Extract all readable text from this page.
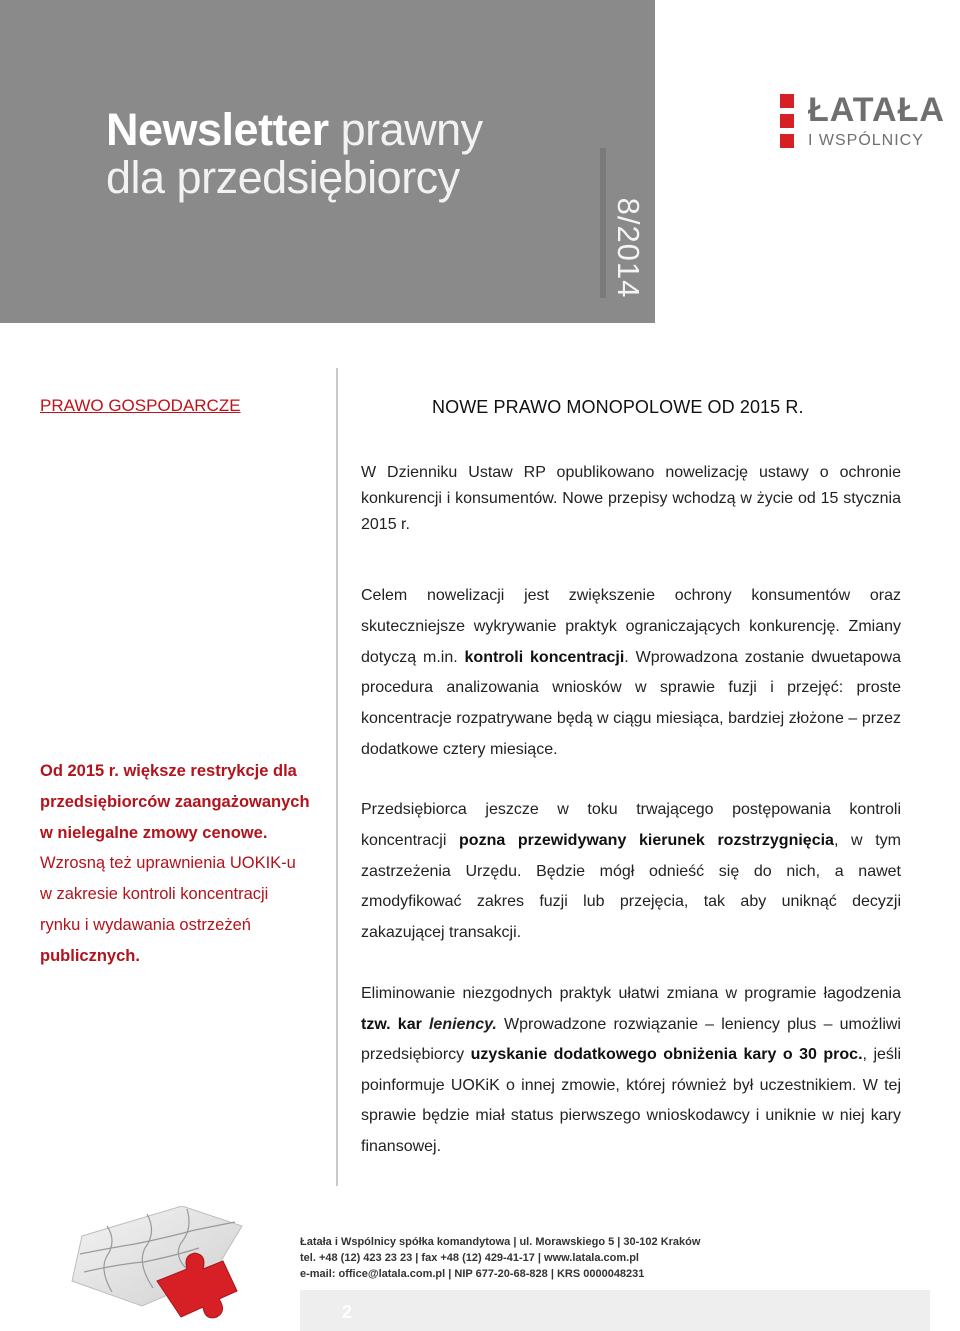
Newsletter prawny
dla przedsiębiorcy
8/2014
ŁATAŁA
I WSPÓLNICY
PRAWO GOSPODARCZE
Od 2015 r. większe restrykcje dla przedsiębiorców zaangażowanych w nielegalne zmowy cenowe. Wzrosną też uprawnienia UOKIK-u w zakresie kontroli koncentracji rynku i wydawania ostrzeżeń publicznych.
NOWE PRAWO MONOPOLOWE OD 2015 R.

W Dzienniku Ustaw RP opublikowano nowelizację ustawy o ochronie konkurencji i konsumentów. Nowe przepisy wchodzą w życie od 15 stycznia 2015 r.

Celem nowelizacji jest zwiększenie ochrony konsumentów oraz skuteczniejsze wykrywanie praktyk ograniczających konkurencję. Zmiany dotyczą m.in. kontroli koncentracji. Wprowadzona zostanie dwuetapowa procedura analizowania wniosków w sprawie fuzji i przejęć: proste koncentracje rozpatrywane będą w ciągu miesiąca, bardziej złożone – przez dodatkowe cztery miesiące.

Przedsiębiorca jeszcze w toku trwającego postępowania kontroli koncentracji pozna przewidywany kierunek rozstrzygnięcia, w tym zastrzeżenia Urzędu. Będzie mógł odnieść się do nich, a nawet zmodyfikować zakres fuzji lub przejęcia, tak aby uniknąć decyzji zakazującej transakcji.

Eliminowanie niezgodnych praktyk ułatwi zmiana w programie łagodzenia tzw. kar leniency. Wprowadzone rozwiązanie – leniency plus – umożliwi przedsiębiorcy uzyskanie dodatkowego obniżenia kary o 30 proc., jeśli poinformuje UOKiK o innej zmowie, której również był uczestnikiem. W tej sprawie będzie miał status pierwszego wnioskodawcy i uniknie w niej kary finansowej.

Łatała i Wspólnicy spółka komandytowa | ul. Morawskiego 5 | 30-102 Kraków
tel. +48 (12) 423 23 23 | fax +48 (12) 429-41-17 | www.latala.com.pl
e-mail: office@latala.com.pl | NIP 677-20-68-828 | KRS 0000048231
2
